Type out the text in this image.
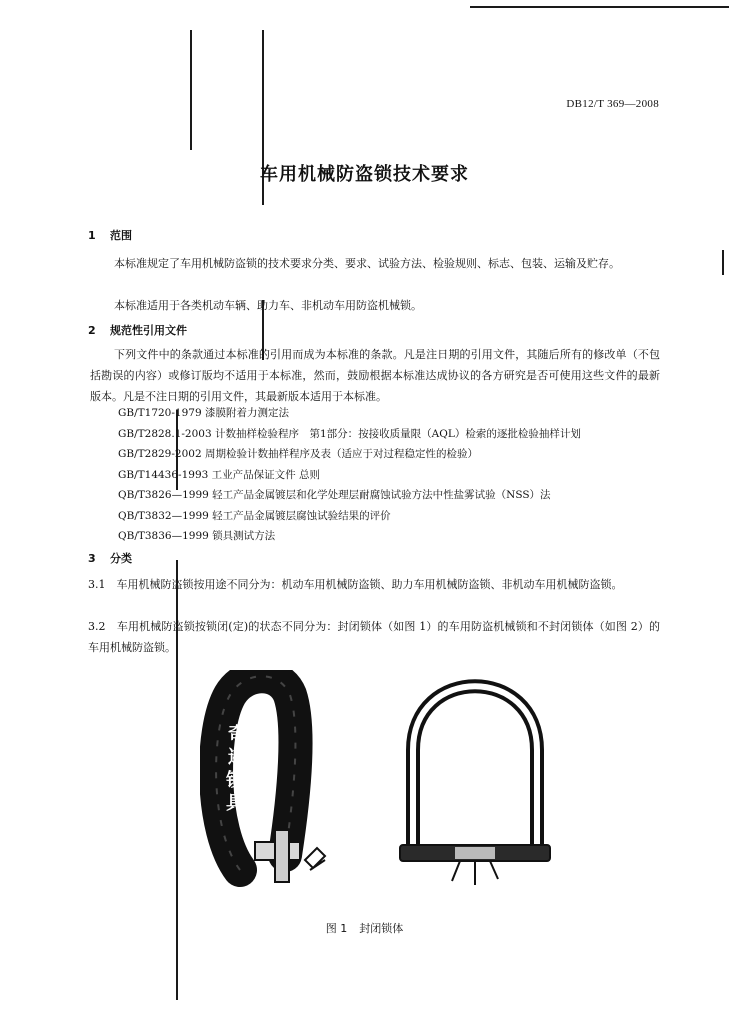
DB12/T 369—2008
车用机械防盗锁技术要求
1 范围
本标准规定了车用机械防盗锁的技术要求分类、要求、试验方法、检验规则、标志、包装、运输及贮存。
本标准适用于各类机动车辆、助力车、非机动车用防盗机械锁。
2 规范性引用文件
下列文件中的条款通过本标准的引用而成为本标准的条款。凡是注日期的引用文件，其随后所有的修改单（不包括勘误的内容）或修订版均不适用于本标准，然而，鼓励根据本标准达成协议的各方研究是否可使用这些文件的最新版本。凡是不注日期的引用文件，其最新版本适用于本标准。
GB/T1720-1979 漆膜附着力测定法
GB/T2828.1-2003 计数抽样检验程序　第1部分：按接收质量限（AQL）检索的逐批检验抽样计划
GB/T2829-2002 周期检验计数抽样程序及表（适应于对过程稳定性的检验）
GB/T14436-1993 工业产品保证文件 总则
QB/T3826—1999 轻工产品金属镀层和化学处理层耐腐蚀试验方法中性盐雾试验（NSS）法
QB/T3832—1999 轻工产品金属镀层腐蚀试验结果的评价
QB/T3836—1999 锁具测试方法
3 分类
3.1　 车用机械防盗锁按用途不同分为：机动车用机械防盗锁、助力车用机械防盗锁、非机动车用机械防盗锁。
3.2　 车用机械防盗锁按锁闭(定)的状态不同分为：封闭锁体（如图 1）的车用防盗机械锁和不封闭锁体（如图 2）的车用机械防盗锁。
奇
迹
锁
具
图 1 封闭锁体
